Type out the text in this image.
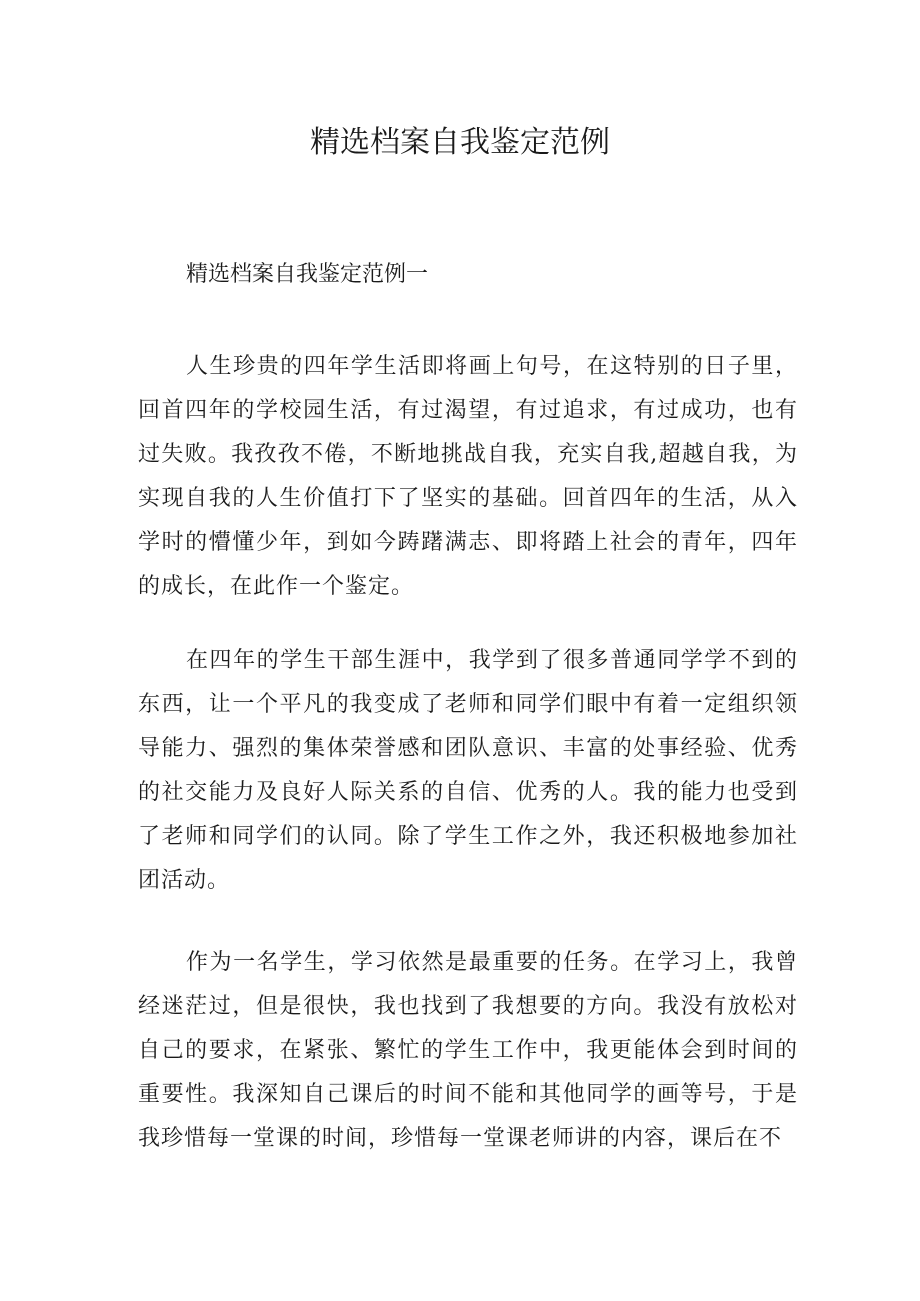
精选档案自我鉴定范例

精选档案自我鉴定范例一

人生珍贵的四年学生活即将画上句号，在这特别的日子里，回首四年的学校园生活，有过渴望，有过追求，有过成功，也有过失败。我孜孜不倦，不断地挑战自我，充实自我,超越自我，为实现自我的人生价值打下了坚实的基础。回首四年的生活，从入学时的懵懂少年，到如今踌躇满志、即将踏上社会的青年，四年的成长，在此作一个鉴定。

在四年的学生干部生涯中，我学到了很多普通同学学不到的东西，让一个平凡的我变成了老师和同学们眼中有着一定组织领导能力、强烈的集体荣誉感和团队意识、丰富的处事经验、优秀的社交能力及良好人际关系的自信、优秀的人。我的能力也受到了老师和同学们的认同。除了学生工作之外，我还积极地参加社团活动。

作为一名学生，学习依然是最重要的任务。在学习上，我曾经迷茫过，但是很快，我也找到了我想要的方向。我没有放松对自己的要求，在紧张、繁忙的学生工作中，我更能体会到时间的重要性。我深知自己课后的时间不能和其他同学的画等号，于是我珍惜每一堂课的时间，珍惜每一堂课老师讲的内容，课后在不
